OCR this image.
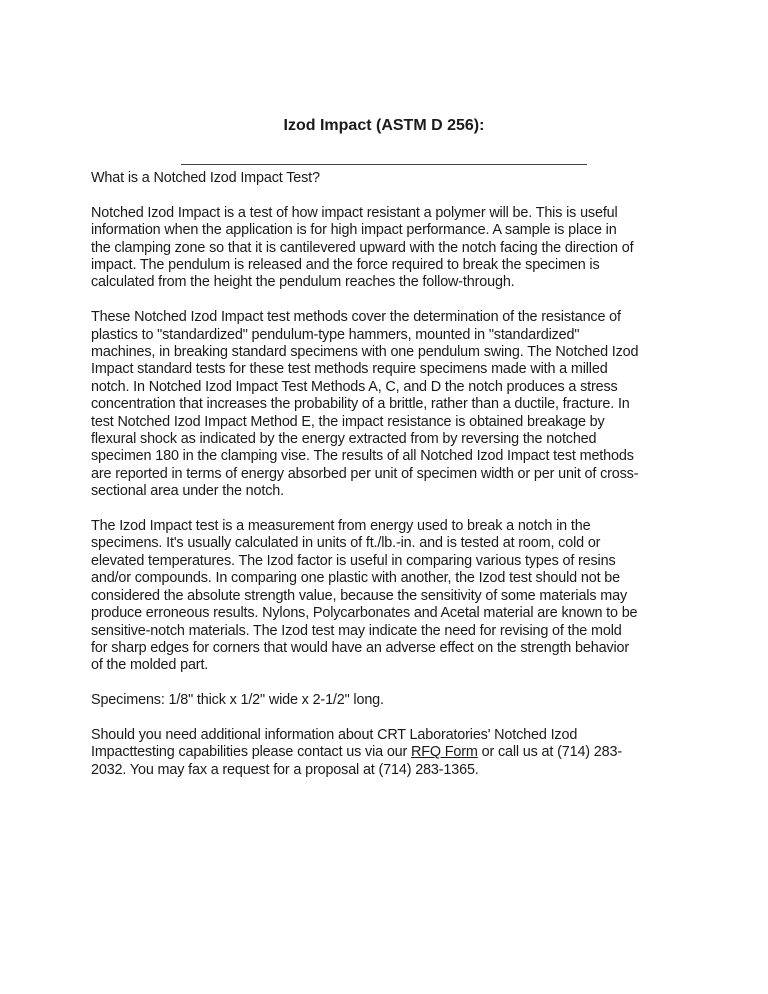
Izod Impact (ASTM D 256):

What is a Notched Izod Impact Test?

Notched Izod Impact is a test of how impact resistant a polymer will be. This is useful
information when the application is for high impact performance. A sample is place in
the clamping zone so that it is cantilevered upward with the notch facing the direction of
impact. The pendulum is released and the force required to break the specimen is
calculated from the height the pendulum reaches the follow-through.

These Notched Izod Impact test methods cover the determination of the resistance of
plastics to "standardized" pendulum-type hammers, mounted in "standardized"
machines, in breaking standard specimens with one pendulum swing. The Notched Izod
Impact standard tests for these test methods require specimens made with a milled
notch. In Notched Izod Impact Test Methods A, C, and D the notch produces a stress
concentration that increases the probability of a brittle, rather than a ductile, fracture. In
test Notched Izod Impact Method E, the impact resistance is obtained breakage by
flexural shock as indicated by the energy extracted from by reversing the notched
specimen 180 in the clamping vise. The results of all Notched Izod Impact test methods
are reported in terms of energy absorbed per unit of specimen width or per unit of cross-
sectional area under the notch.

The Izod Impact test is a measurement from energy used to break a notch in the
specimens. It's usually calculated in units of ft./lb.-in. and is tested at room, cold or
elevated temperatures. The Izod factor is useful in comparing various types of resins
and/or compounds. In comparing one plastic with another, the Izod test should not be
considered the absolute strength value, because the sensitivity of some materials may
produce erroneous results. Nylons, Polycarbonates and Acetal material are known to be
sensitive-notch materials. The Izod test may indicate the need for revising of the mold
for sharp edges for corners that would have an adverse effect on the strength behavior
of the molded part.

Specimens: 1/8" thick x 1/2" wide x 2-1/2" long.

Should you need additional information about CRT Laboratories' Notched Izod
Impacttesting capabilities please contact us via our RFQ Form or call us at (714) 283-
2032. You may fax a request for a proposal at (714) 283-1365.
